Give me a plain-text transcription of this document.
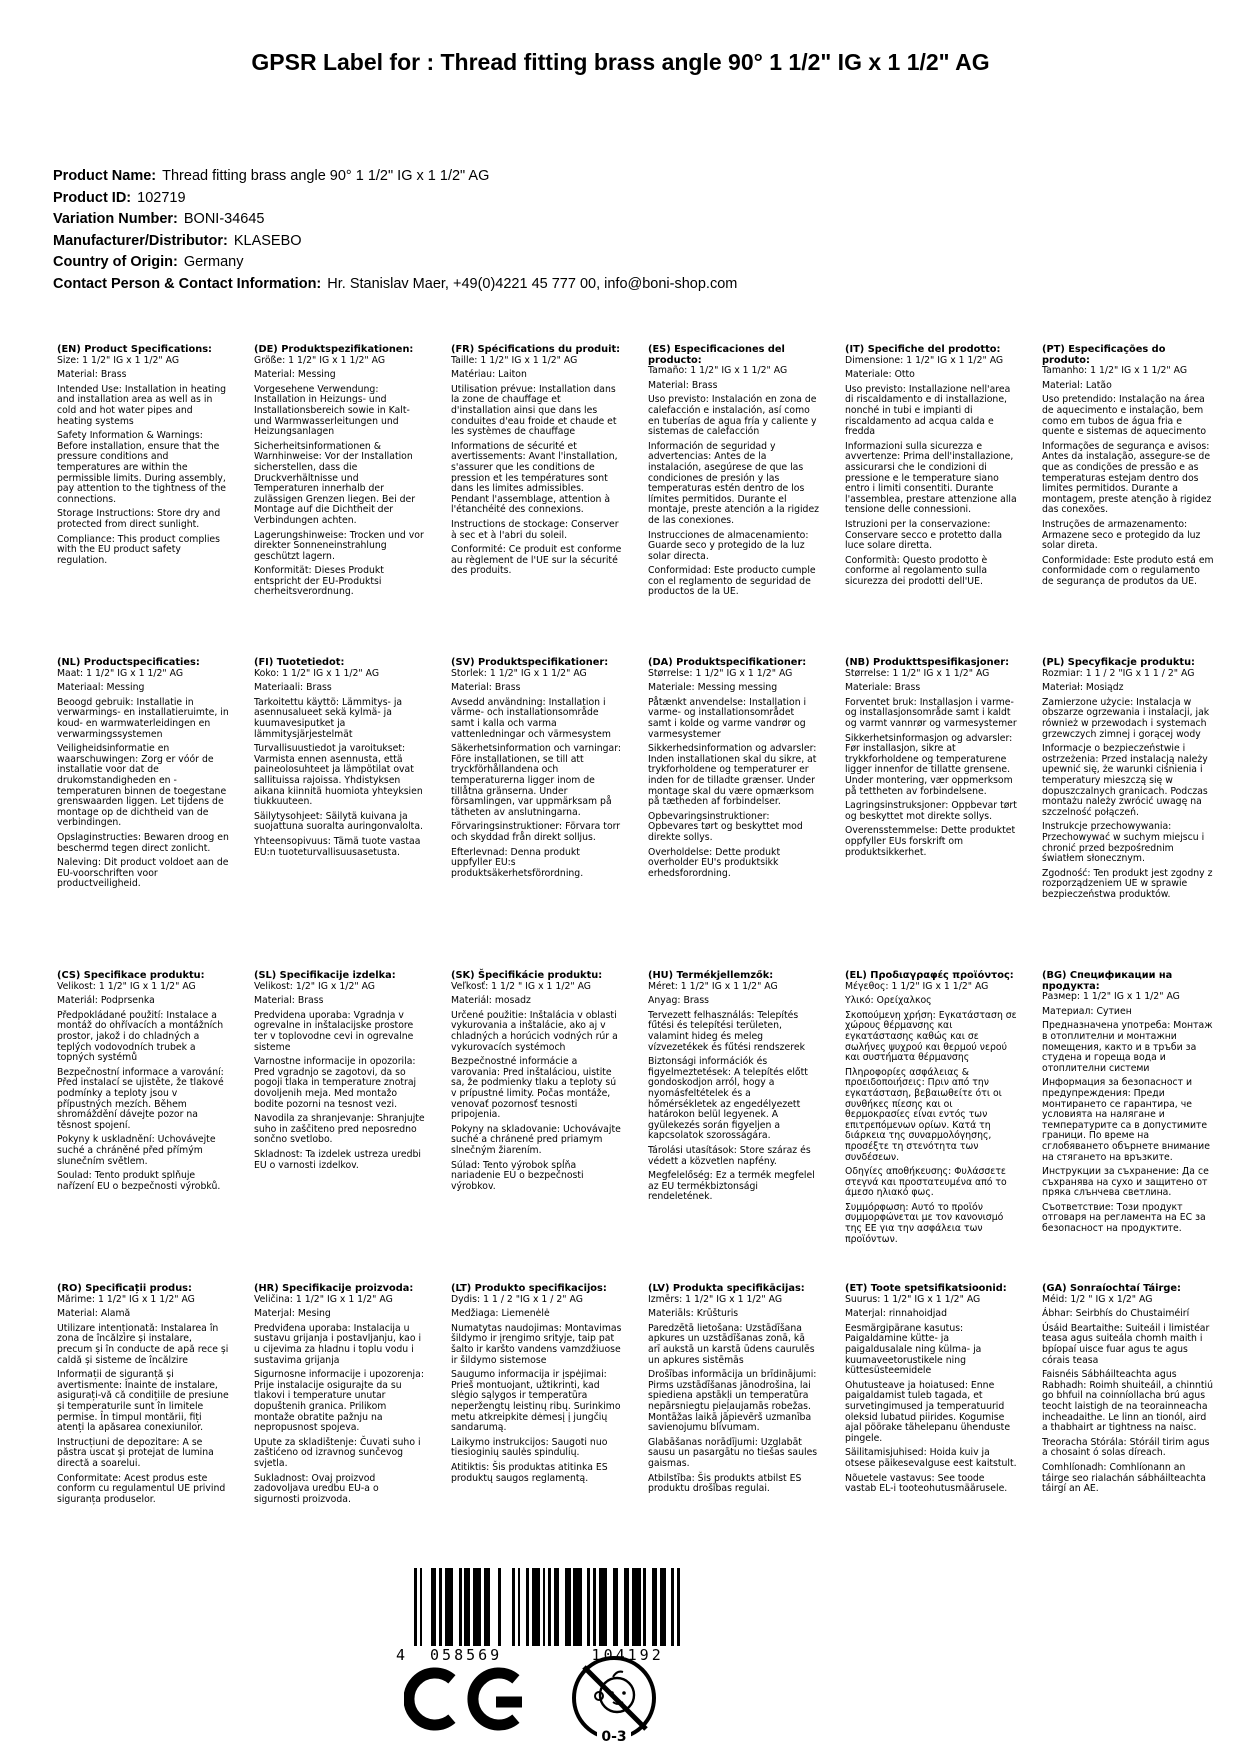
GPSR Label for : Thread fitting brass angle 90° 1 1/2" IG x 1 1/2" AG
Product Name: Thread fitting brass angle 90° 1 1/2" IG x 1 1/2" AG
Product ID: 102719
Variation Number: BONI-34645
Manufacturer/Distributor: KLASEBO
Country of Origin: Germany
Contact Person & Contact Information: Hr. Stanislav Maer, +49(0)4221 45 777 00, info@boni-shop.com
(EN) Product Specifications:

Size: 1 1/2" IG x 1 1/2" AG

Material: Brass

Intended Use: Installation in heating and installation area as well as in cold and hot water pipes and heating systems

Safety Information & Warnings: Before installation, ensure that the pressure conditions and temperatures are within the permissible limits. During assembly, pay attention to the tightness of the connections.

Storage Instructions: Store dry and protected from direct sunlight.

Compliance: This product complies with the EU product safety regulation.

(DE) Produktspezifikationen:

Größe: 1 1/2" IG x 1 1/2" AG

Material: Messing

Vorgesehene Verwendung: Installation in Heizungs- und Installationsbereich sowie in Kalt- und Warmwasserleitungen und Heizungsanlagen

Sicherheitsinformationen & Warnhinweise: Vor der Installation sicherstellen, dass die Druckverhältnisse und Temperaturen innerhalb der zulässigen Grenzen liegen. Bei der Montage auf die Dichtheit der Verbindungen achten.

Lagerungshinweise: Trocken und vor direkter Sonneneinstrahlung geschützt lagern.

Konformität: Dieses Produkt entspricht der EU-Produktsi cherheitsverordnung.

(FR) Spécifications du produit:

Taille: 1 1/2" IG x 1 1/2" AG

Matériau: Laiton

Utilisation prévue: Installation dans la zone de chauffage et d'installation ainsi que dans les conduites d'eau froide et chaude et les systèmes de chauffage

Informations de sécurité et avertissements: Avant l'installation, s'assurer que les conditions de pression et les températures sont dans les limites admissibles. Pendant l'assemblage, attention à l'étanchéité des connexions.

Instructions de stockage: Conserver à sec et à l'abri du soleil.

Conformité: Ce produit est conforme au règlement de l'UE sur la sécurité des produits.

(ES) Especificaciones del producto:

Tamaño: 1 1/2" IG x 1 1/2" AG

Material: Brass

Uso previsto: Instalación en zona de calefacción e instalación, así como en tuberías de agua fría y caliente y sistemas de calefacción

Información de seguridad y advertencias: Antes de la instalación, asegúrese de que las condiciones de presión y las temperaturas estén dentro de los límites permitidos. Durante el montaje, preste atención a la rigidez de las conexiones.

Instrucciones de almacenamiento: Guarde seco y protegido de la luz solar directa.

Conformidad: Este producto cumple con el reglamento de seguridad de productos de la UE.

(IT) Specifiche del prodotto:

Dimensione: 1 1/2" IG x 1 1/2" AG

Materiale: Otto

Uso previsto: Installazione nell'area di riscaldamento e di installazione, nonché in tubi e impianti di riscaldamento ad acqua calda e fredda

Informazioni sulla sicurezza e avvertenze: Prima dell'installazione, assicurarsi che le condizioni di pressione e le temperature siano entro i limiti consentiti. Durante l'assemblea, prestare attenzione alla tensione delle connessioni.

Istruzioni per la conservazione: Conservare secco e protetto dalla luce solare diretta.

Conformità: Questo prodotto è conforme al regolamento sulla sicurezza dei prodotti dell'UE.

(PT) Especificações do produto:

Tamanho: 1 1/2" IG x 1 1/2" AG

Material: Latão

Uso pretendido: Instalação na área de aquecimento e instalação, bem como em tubos de água fria e quente e sistemas de aquecimento

Informações de segurança e avisos: Antes da instalação, assegure-se de que as condições de pressão e as temperaturas estejam dentro dos limites permitidos. Durante a montagem, preste atenção à rigidez das conexões.

Instruções de armazenamento: Armazene seco e protegido da luz solar direta.

Conformidade: Este produto está em conformidade com o regulamento de segurança de produtos da UE.

(NL) Productspecificaties:

Maat: 1 1/2" IG x 1 1/2" AG

Materiaal: Messing

Beoogd gebruik: Installatie in verwarmings- en installatieruimte, in koud- en warmwaterleidingen en verwarmingssystemen

Veiligheidsinformatie en waarschuwingen: Zorg er vóór de installatie voor dat de drukomstandigheden en -temperaturen binnen de toegestane grenswaarden liggen. Let tijdens de montage op de dichtheid van de verbindingen.

Opslaginstructies: Bewaren droog en beschermd tegen direct zonlicht.

Naleving: Dit product voldoet aan de EU-voorschriften voor productveiligheid.

(FI) Tuotetiedot:

Koko: 1 1/2" IG x 1 1/2" AG

Materiaali: Brass

Tarkoitettu käyttö: Lämmitys- ja asennusalueet sekä kylmä- ja kuumavesiputket ja lämmitysjärjestelmät

Turvallisuustiedot ja varoitukset: Varmista ennen asennusta, että paineolosuhteet ja lämpötilat ovat sallituissa rajoissa. Yhdistyksen aikana kiinnitä huomiota yhteyksien tiukkuuteen.

Säilytysohjeet: Säilytä kuivana ja suojattuna suoralta auringonvalolta.

Yhteensopivuus: Tämä tuote vastaa EU:n tuoteturvallisuusasetusta.

(SV) Produktspecifikationer:

Storlek: 1 1/2" IG x 1 1/2" AG

Material: Brass

Avsedd användning: Installation i värme- och installationsområde samt i kalla och varma vattenledningar och värmesystem

Säkerhetsinformation och varningar: Före installationen, se till att tryckförhållandena och temperaturerna ligger inom de tillåtna gränserna. Under församlingen, var uppmärksam på tätheten av anslutningarna.

Förvaringsinstruktioner: Förvara torr och skyddad från direkt solljus.

Efterlevnad: Denna produkt uppfyller EU:s produktsäkerhetsförordning.

(DA) Produktspecifikationer:

Størrelse: 1 1/2" IG x 1 1/2" AG

Materiale: Messing messing

Påtænkt anvendelse: Installation i varme- og installationsområdet samt i kolde og varme vandrør og varmesystemer

Sikkerhedsinformation og advarsler: Inden installationen skal du sikre, at trykforholdene og temperaturer er inden for de tilladte grænser. Under montage skal du være opmærksom på tætheden af forbindelser.

Opbevaringsinstruktioner: Opbevares tørt og beskyttet mod direkte sollys.

Overholdelse: Dette produkt overholder EU's produktsikk erhedsforordning.

(NB) Produkttspesifikasjoner:

Størrelse: 1 1/2" IG x 1 1/2" AG

Materiale: Brass

Forventet bruk: Installasjon i varme- og installasjonsområde samt i kaldt og varmt vannrør og varmesystemer

Sikkerhetsinformasjon og advarsler: Før installasjon, sikre at trykkforholdene og temperaturene ligger innenfor de tillatte grensene. Under montering, vær oppmerksom på tettheten av forbindelsene.

Lagringsinstruksjoner: Oppbevar tørt og beskyttet mot direkte sollys.

Overensstemmelse: Dette produktet oppfyller EUs forskrift om produktsikkerhet.

(PL) Specyfikacje produktu:

Rozmiar: 1 1 / 2 "IG x 1 1 / 2" AG

Materiał: Mosiądz

Zamierzone użycie: Instalacja w obszarze ogrzewania i instalacji, jak również w przewodach i systemach grzewczych zimnej i gorącej wody

Informacje o bezpieczeństwie i ostrzeżenia: Przed instalacją należy upewnić się, że warunki ciśnienia i temperatury mieszczą się w dopuszczalnych granicach. Podczas montażu należy zwrócić uwagę na szczelność połączeń.

Instrukcje przechowywania: Przechowywać w suchym miejscu i chronić przed bezpośrednim światłem słonecznym.

Zgodność: Ten produkt jest zgodny z rozporządzeniem UE w sprawie bezpieczeństwa produktów.

(CS) Specifikace produktu:

Velikost: 1 1/2" IG x 1 1/2" AG

Materiál: Podprsenka

Předpokládané použití: Instalace a montáž do ohřívacích a montážních prostor, jakož i do chladných a teplých vodovodních trubek a topných systémů

Bezpečnostní informace a varování: Před instalací se ujistěte, že tlakové podmínky a teploty jsou v přípustných mezích. Během shromáždění dávejte pozor na těsnost spojení.

Pokyny k uskladnění: Uchovávejte suché a chráněné před přímým slunečním světlem.

Soulad: Tento produkt splňuje nařízení EU o bezpečnosti výrobků.

(SL) Specifikacije izdelka:

Velikost: 1/2" IG x 1/2" AG

Material: Brass

Predvidena uporaba: Vgradnja v ogrevalne in inštalacijske prostore ter v toplovodne cevi in ogrevalne sisteme

Varnostne informacije in opozorila: Pred vgradnjo se zagotovi, da so pogoji tlaka in temperature znotraj dovoljenih meja. Med montažo bodite pozorni na tesnost vezi.

Navodila za shranjevanje: Shranjujte suho in zaščiteno pred neposredno sončno svetlobo.

Skladnost: Ta izdelek ustreza uredbi EU o varnosti izdelkov.

(SK) Špecifikácie produktu:

Veľkosť: 1 1/2 " IG x 1 1/2" AG

Materiál: mosadz

Určené použitie: Inštalácia v oblasti vykurovania a inštalácie, ako aj v chladných a horúcich vodných rúr a vykurovacích systémoch

Bezpečnostné informácie a varovania: Pred inštaláciou, uistite sa, že podmienky tlaku a teploty sú v prípustné limity. Počas montáže, venovať pozornosť tesnosti pripojenia.

Pokyny na skladovanie: Uchovávajte suché a chránené pred priamym slnečným žiarením.

Súlad: Tento výrobok spĺňa nariadenie EÚ o bezpečnosti výrobkov.

(HU) Termékjellemzők:

Méret: 1 1/2" IG x 1 1/2" AG

Anyag: Brass

Tervezett felhasználás: Telepítés fűtési és telepítési területen, valamint hideg és meleg vízvezetékek és fűtési rendszerek

Biztonsági információk és figyelmeztetések: A telepítés előtt gondoskodjon arról, hogy a nyomásfeltételek és a hőmérsékletek az engedélyezett határokon belül legyenek. A gyülekezés során figyeljen a kapcsolatok szorosságára.

Tárolási utasítások: Store száraz és védett a közvetlen napfény.

Megfelelőség: Ez a termék megfelel az EU termékbiztonsági rendeletének.

(EL) Προδιαγραφές προϊόντος:

Μέγεθος: 1 1/2" IG x 1 1/2" AG

Υλικό: Ορείχαλκος

Σκοπούμενη χρήση: Εγκατάσταση σε χώρους θέρμανσης και εγκατάστασης καθώς και σε σωλήνες ψυχρού και θερμού νερού και συστήματα θέρμανσης

Πληροφορίες ασφάλειας & προειδοποιήσεις: Πριν από την εγκατάσταση, βεβαιωθείτε ότι οι συνθήκες πίεσης και οι θερμοκρασίες είναι εντός των επιτρεπόμενων ορίων. Κατά τη διάρκεια της συναρμολόγησης, προσέξτε τη στενότητα των συνδέσεων.

Οδηγίες αποθήκευσης: Φυλάσσετε στεγνά και προστατευμένα από το άμεσο ηλιακό φως.

Συμμόρφωση: Αυτό το προϊόν συμμορφώνεται με τον κανονισμό της ΕΕ για την ασφάλεια των προϊόντων.

(BG) Спецификации на продукта:

Размер: 1 1/2" IG x 1 1/2" AG

Материал: Сутиен

Предназначена употреба: Монтаж в отоплителни и монтажни помещения, както и в тръби за студена и гореща вода и отоплителни системи

Информация за безопасност и предупреждения: Преди монтирането се гарантира, че условията на налягане и температурите са в допустимите граници. По време на сглобяването обърнете внимание на стягането на връзките.

Инструкции за съхранение: Да се съхранява на сухо и защитено от пряка слънчева светлина.

Съответствие: Този продукт отговаря на регламента на ЕС за безопасност на продуктите.

(RO) Specificații produs:

Mărime: 1 1/2" IG x 1 1/2" AG

Material: Alamă

Utilizare intenționată: Instalarea în zona de încălzire și instalare, precum și în conducte de apă rece și caldă și sisteme de încălzire

Informații de siguranță și avertismente: Înainte de instalare, asigurați-vă că condițiile de presiune și temperaturile sunt în limitele permise. În timpul montării, fiți atenți la apăsarea conexiunilor.

Instrucțiuni de depozitare: A se păstra uscat și protejat de lumina directă a soarelui.

Conformitate: Acest produs este conform cu regulamentul UE privind siguranța produselor.

(HR) Specifikacije proizvoda:

Veličina: 1 1/2" IG x 1 1/2" AG

Materjal: Mesing

Predviđena uporaba: Instalacija u sustavu grijanja i postavljanju, kao i u cijevima za hladnu i toplu vodu i sustavima grijanja

Sigurnosne informacije i upozorenja: Prije instalacije osigurajte da su tlakovi i temperature unutar dopuštenih granica. Prilikom montaže obratite pažnju na nepropusnost spojeva.

Upute za skladištenje: Čuvati suho i zaštićeno od izravnog sunčevog svjetla.

Sukladnost: Ovaj proizvod zadovoljava uredbu EU-a o sigurnosti proizvoda.

(LT) Produkto specifikacijos:

Dydis: 1 1 / 2 "IG x 1 / 2" AG

Medžiaga: Liemenėlė

Numatytas naudojimas: Montavimas šildymo ir įrengimo srityje, taip pat šalto ir karšto vandens vamzdžiuose ir šildymo sistemose

Saugumo informacija ir įspėjimai: Prieš montuojant, užtikrinti, kad slėgio sąlygos ir temperatūra neperžengtų leistinų ribų. Surinkimo metu atkreipkite dėmesį į jungčių sandarumą.

Laikymo instrukcijos: Saugoti nuo tiesioginių saulės spindulių.

Atitiktis: Šis produktas atitinka ES produktų saugos reglamentą.

(LV) Produkta specifikācijas:

Izmērs: 1 1/2" IG x 1 1/2" AG

Materiāls: Krūšturis

Paredzētā lietošana: Uzstādīšana apkures un uzstādīšanas zonā, kā arī aukstā un karstā ūdens caurulēs un apkures sistēmās

Drošības informācija un brīdinājumi: Pirms uzstādīšanas jānodrošina, lai spiediena apstākļi un temperatūra nepārsniegtu pieļaujamās robežas. Montāžas laikā jāpievērš uzmanība savienojumu blīvumam.

Glabāšanas norādījumi: Uzglabāt sausu un pasargātu no tiešas saules gaismas.

Atbilstība: Šis produkts atbilst ES produktu drošības regulai.

(ET) Toote spetsifikatsioonid:

Suurus: 1 1/2" IG x 1 1/2" AG

Materjal: rinnahoidjad

Eesmärgipärane kasutus: Paigaldamine kütte- ja paigaldusalale ning külma- ja kuumaveetorustikele ning küttesüsteemidele

Ohutusteave ja hoiatused: Enne paigaldamist tuleb tagada, et survetingimused ja temperatuurid oleksid lubatud piirides. Kogumise ajal pöörake tähelepanu ühenduste pingele.

Säilitamisjuhised: Hoida kuiv ja otsese päikesevalguse eest kaitstult.

Nõuetele vastavus: See toode vastab EL-i tooteohutusmäärusele.

(GA) Sonraíochtaí Táirge:

Méid: 1/2 " IG x 1/2" AG

Ábhar: Seirbhís do Chustaiméirí

Úsáid Beartaithe: Suiteáil i limistéar teasa agus suiteála chomh maith i bpíopaí uisce fuar agus te agus córais teasa

Faisnéis Sábháilteachta agus Rabhadh: Roimh shuiteáil, a chinntiú go bhfuil na coinníollacha brú agus teocht laistigh de na teorainneacha incheadaithe. Le linn an tionól, aird a thabhairt ar tightness na naisc.

Treoracha Stórála: Stóráil tirim agus a chosaint ó solas díreach.

Comhlíonadh: Comhlíonann an táirge seo rialachán sábháilteachta táirgí an AE.

4 058569	104192
0-3
